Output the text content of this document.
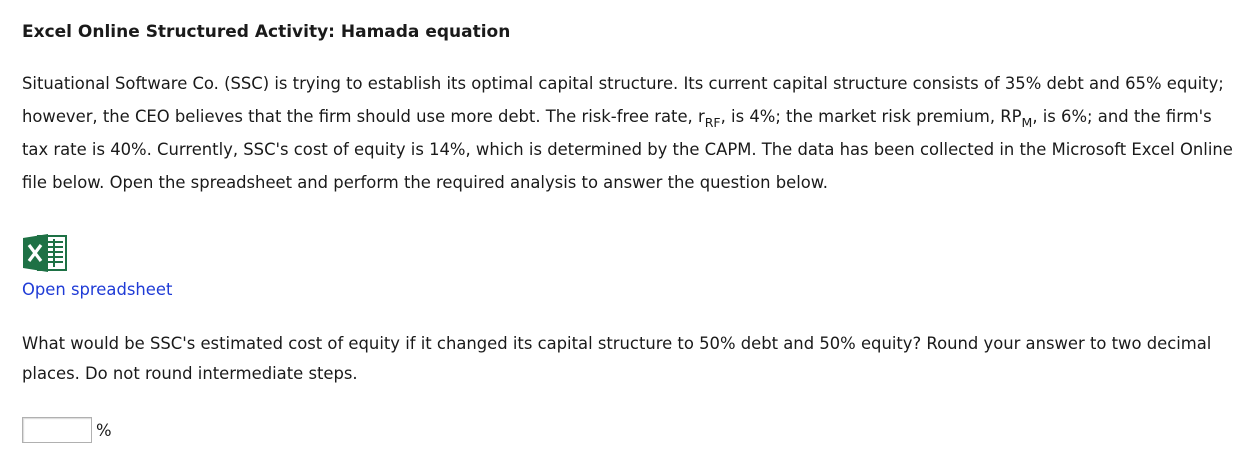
Excel Online Structured Activity: Hamada equation

Situational Software Co. (SSC) is trying to establish its optimal capital structure. Its current capital structure consists of 35% debt and 65% equity; however, the CEO believes that the firm should use more debt. The risk-free rate, $r_{RF}$, is 4%; the market risk premium, $RP_M$, is 6%; and the firm's tax rate is 40%. Currently, SSC's cost of equity is 14%, which is determined by the CAPM. The data has been collected in the Microsoft Excel Online file below. Open the spreadsheet and perform the required analysis to answer the question below.

Open spreadsheet
What would be SSC's estimated cost of equity if it changed its capital structure to 50% debt and 50% equity? Round your answer to two decimal places. Do not round intermediate steps.
%
